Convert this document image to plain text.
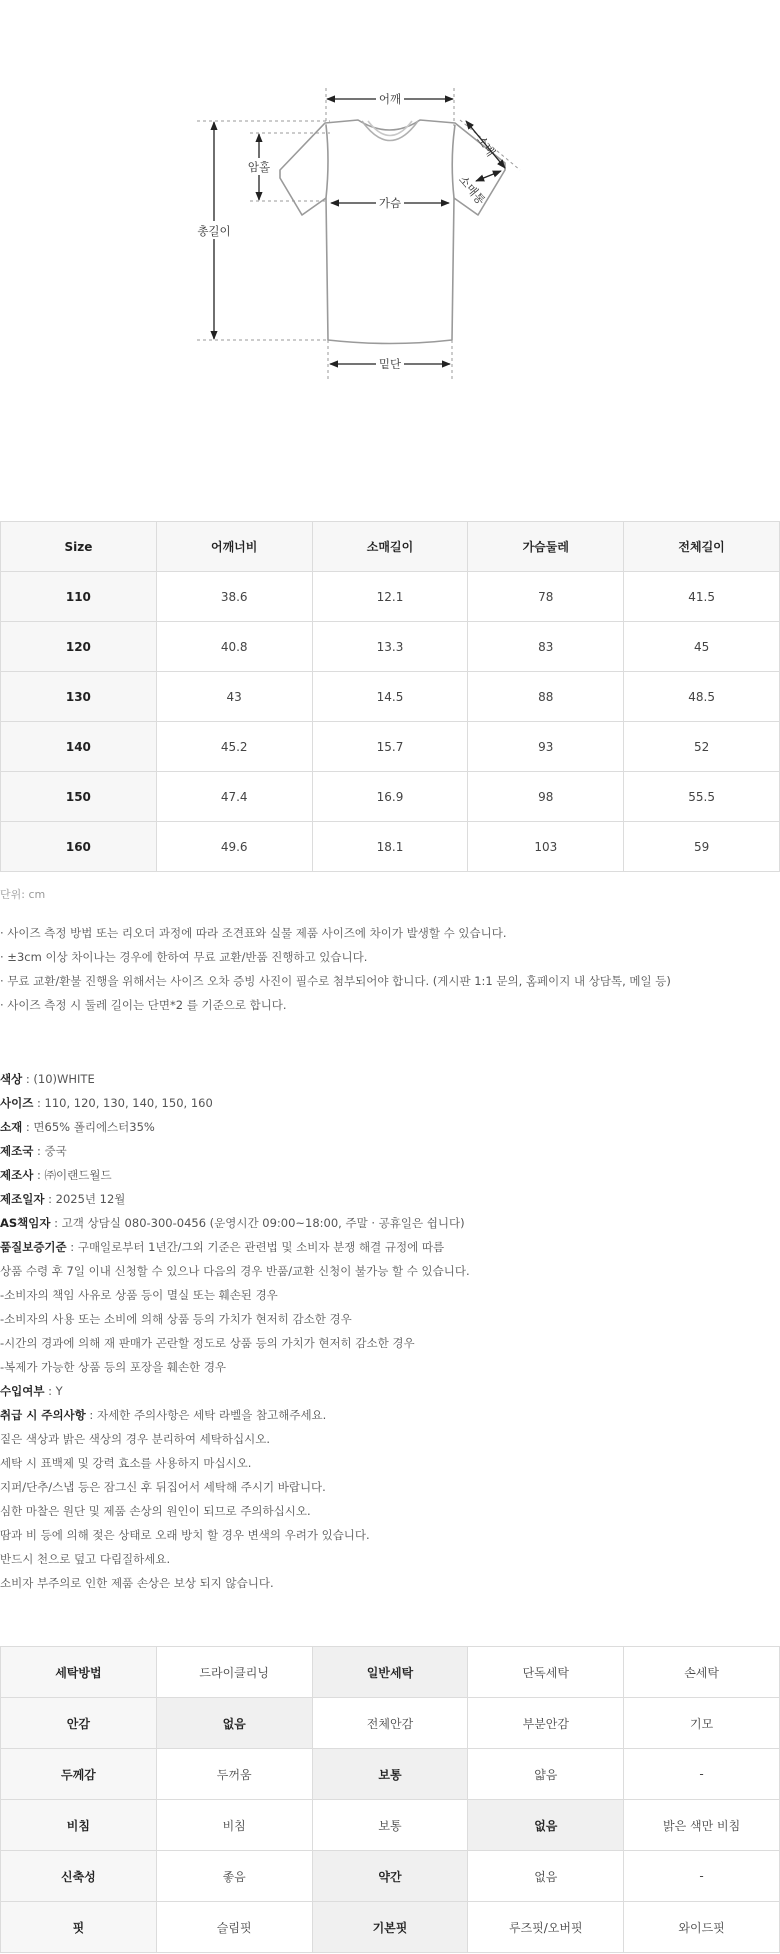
어깨
총길이
암홀
가슴
밑단
소매
소매통
Size	어깨너비	소매길이	가슴둘레	전체길이
110	38.6	12.1	78	41.5
120	40.8	13.3	83	45
130	43	14.5	88	48.5
140	45.2	15.7	93	52
150	47.4	16.9	98	55.5
160	49.6	18.1	103	59
단위: cm
· 사이즈 측정 방법 또는 리오더 과정에 따라 조견표와 실물 제품 사이즈에 차이가 발생할 수 있습니다.
· ±3cm 이상 차이나는 경우에 한하여 무료 교환/반품 진행하고 있습니다.
· 무료 교환/환불 진행을 위해서는 사이즈 오차 증빙 사진이 필수로 첨부되어야 합니다. (게시판 1:1 문의, 홈페이지 내 상담톡, 메일 등)
· 사이즈 측정 시 둘레 길이는 단면*2 를 기준으로 합니다.
색상 : (10)WHITE
사이즈 : 110, 120, 130, 140, 150, 160
소재 : 면65% 폴리에스터35%
제조국 : 중국
제조사 : ㈜이랜드월드
제조일자 : 2025년 12월
AS책임자 : 고객 상담실 080-300-0456 (운영시간 09:00~18:00, 주말 · 공휴일은 쉽니다)
품질보증기준 : 구매일로부터 1년간/그외 기준은 관련법 및 소비자 분쟁 해결 규정에 따름
상품 수령 후 7일 이내 신청할 수 있으나 다음의 경우 반품/교환 신청이 불가능 할 수 있습니다.
-소비자의 책임 사유로 상품 등이 멸실 또는 훼손된 경우
-소비자의 사용 또는 소비에 의해 상품 등의 가치가 현저히 감소한 경우
-시간의 경과에 의해 재 판매가 곤란할 정도로 상품 등의 가치가 현저히 감소한 경우
-복제가 가능한 상품 등의 포장을 훼손한 경우
수입여부 : Y
취급 시 주의사항 : 자세한 주의사항은 세탁 라벨을 참고해주세요.
짙은 색상과 밝은 색상의 경우 분리하여 세탁하십시오.
세탁 시 표백제 및 강력 효소를 사용하지 마십시오.
지퍼/단추/스냅 등은 잠그신 후 뒤집어서 세탁해 주시기 바랍니다.
심한 마찰은 원단 및 제품 손상의 원인이 되므로 주의하십시오.
땀과 비 등에 의해 젖은 상태로 오래 방치 할 경우 변색의 우려가 있습니다.
반드시 천으로 덮고 다림질하세요.
소비자 부주의로 인한 제품 손상은 보상 되지 않습니다.
세탁방법	드라이클리닝	일반세탁	단독세탁	손세탁
안감	없음	전체안감	부분안감	기모
두께감	두꺼움	보통	얇음	-
비침	비침	보통	없음	밝은 색만 비침
신축성	좋음	약간	없음	-
핏	슬림핏	기본핏	루즈핏/오버핏	와이드핏
